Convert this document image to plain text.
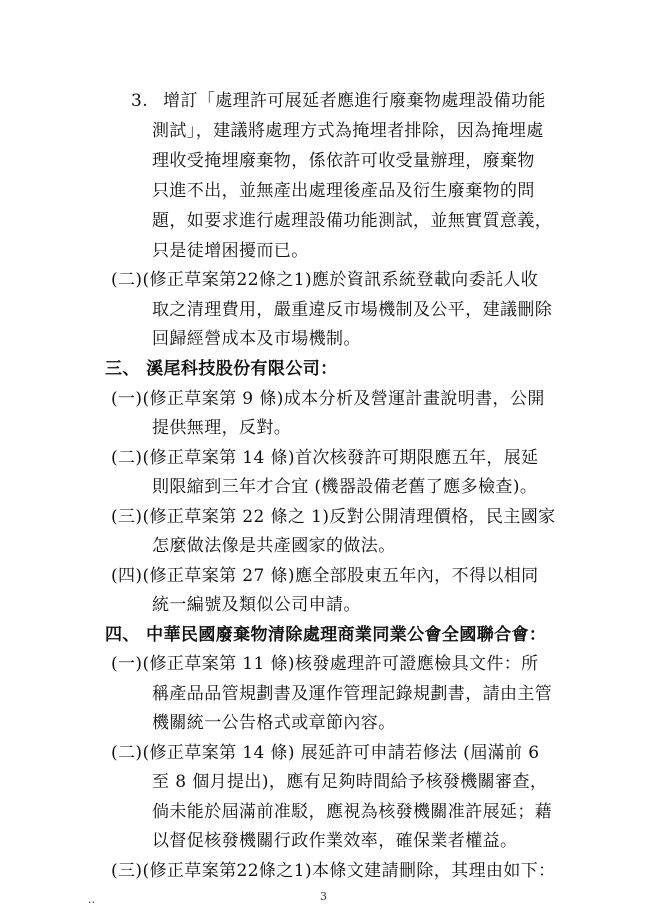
3. 增訂「處理許可展延者應進行廢棄物處理設備功能
測試」，建議將處理方式為掩埋者排除，因為掩埋處
理收受掩埋廢棄物，係依許可收受量辦理，廢棄物
只進不出，並無產出處理後產品及衍生廢棄物的問
題，如要求進行處理設備功能測試，並無實質意義，
只是徒增困擾而已。
(二)(修正草案第22條之1)應於資訊系統登載向委託人收
取之清理費用，嚴重違反市場機制及公平，建議刪除
回歸經營成本及市場機制。
三、 溪尾科技股份有限公司：
(一)(修正草案第 9 條)成本分析及營運計畫說明書，公開
提供無理，反對。
(二)(修正草案第 14 條)首次核發許可期限應五年，展延
則限縮到三年才合宜 (機器設備老舊了應多檢查)。
(三)(修正草案第 22 條之 1)反對公開清理價格，民主國家
怎麼做法像是共產國家的做法。
(四)(修正草案第 27 條)應全部股東五年內，不得以相同
統一編號及類似公司申請。
四、 中華民國廢棄物清除處理商業同業公會全國聯合會：
(一)(修正草案第 11 條)核發處理許可證應檢具文件：所
稱產品品管規劃書及運作管理記錄規劃書，請由主管
機關統一公告格式或章節內容。
(二)(修正草案第 14 條) 展延許可申請若修法 (屆滿前 6
至 8 個月提出)，應有足夠時間給予核發機關審查，
倘未能於屆滿前准駁，應視為核發機關准許展延；藉
以督促核發機關行政作業效率，確保業者權益。
(三)(修正草案第22條之1)本條文建請刪除，其理由如下：
..	3
